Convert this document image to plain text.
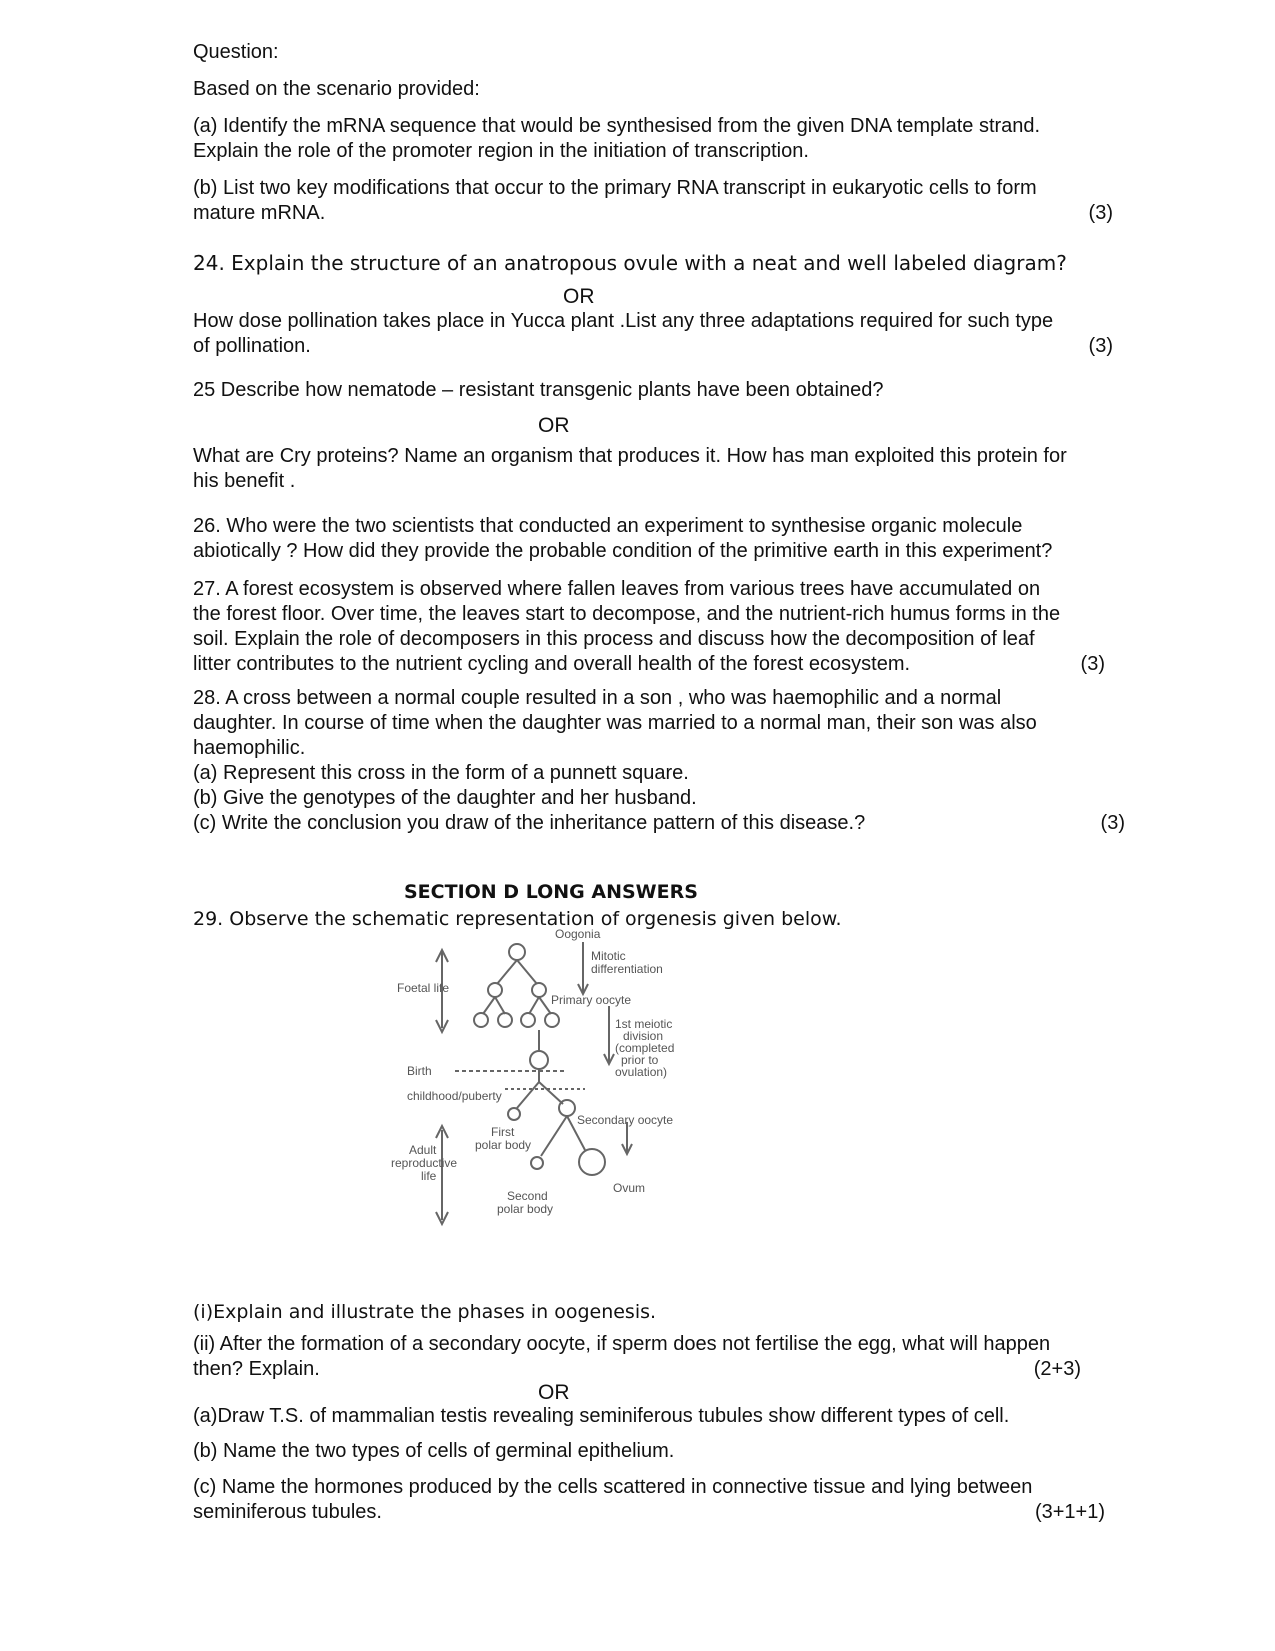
Question:
Based on the scenario provided:

(a) Identify the mRNA sequence that would be synthesised from the given DNA template strand.

Explain the role of the promoter region in the initiation of transcription.

(b) List two key modifications that occur to the primary RNA transcript in eukaryotic cells to form

mature mRNA.	(3)
24. Explain the structure of an anatropous ovule with a neat and well labeled diagram?
OR

How dose pollination takes place in Yucca plant .List any three adaptations required for such type

of pollination.	(3)
25 Describe how nematode – resistant transgenic plants have been obtained?
OR

What are Cry proteins? Name an organism that produces it. How has man exploited this protein for

his benefit .

26. Who were the two scientists that conducted an experiment to synthesise organic molecule

abiotically ? How did they provide the probable condition of the primitive earth in this experiment?

27. A forest ecosystem is observed where fallen leaves from various trees have accumulated on

the forest floor. Over time, the leaves start to decompose, and the nutrient-rich humus forms in the

soil. Explain the role of decomposers in this process and discuss how the decomposition of leaf

litter contributes to the nutrient cycling and overall health of the forest ecosystem.	(3)

28. A cross between a normal couple resulted in a son , who was haemophilic and a normal

daughter. In course of time when the daughter was married to a normal man, their son was also

haemophilic.

(a) Represent this cross in the form of a punnett square.

(b) Give the genotypes of the daughter and her husband.

(c) Write the conclusion you draw of the inheritance pattern of this disease.?	(3)
SECTION D LONG ANSWERS
29. Observe the schematic representation of orgenesis given below.
Oogonia
Mitotic
differentiation
Foetal life
Primary oocyte
1st meiotic
division
(completed
prior to
ovulation)
Birth
childhood/puberty
Secondary oocyte
First
polar body
Adult
reproductive
life
Second
polar body
Ovum
(i)Explain and illustrate the phases in oogenesis.

(ii) After the formation of a secondary oocyte, if sperm does not fertilise the egg, what will happen

then? Explain.	(2+3)
OR
(a)Draw T.S. of mammalian testis revealing seminiferous tubules show different types of cell.
(b) Name the two types of cells of germinal epithelium.

(c) Name the hormones produced by the cells scattered in connective tissue and lying between

seminiferous tubules.	(3+1+1)
